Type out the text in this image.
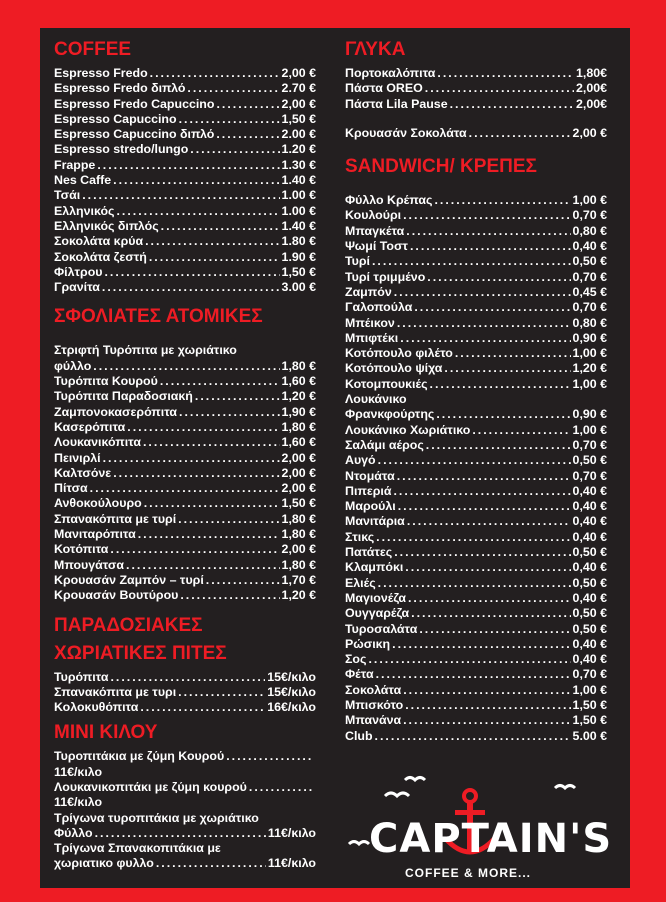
COFFEE
Espresso Fredo .....	2,00 €
Espresso Fredo διπλό .....	2.70 €
Espresso Fredo Capuccino .....	2,00 €
Espresso Capuccino .....	1,50 €
Espresso Capuccino διπλό .....	2.00 €
Espresso stredo/lungo .....	1.20 €
Frappe .....	1.30 €
Nes Caffe .....	1.40 €
Τσάι .....	1.00 €
Ελληνικός .....	1.00 €
Ελληνικός διπλός .....	1.40 €
Σοκολάτα κρύα .....	1.80 €
Σοκολάτα ζεστή .....	1.90 €
Φίλτρου .....	1,50 €
Γρανίτα .....	3.00 €
ΣΦΟΛΙΑΤΕΣ ΑΤΟΜΙΚΕΣ
Στριφτή Τυρόπιτα με χωριάτικο
φύλλο .....	1,80 €
Τυρόπιτα Κουρού .....	1,60 €
Τυρόπιτα Παραδοσιακή .....	1,20 €
Ζαμπονοκασερόπιτα .....	1,90 €
Κασερόπιτα .....	1,80 €
Λουκανικόπιτα .....	1,60 €
Πεινιρλί .....	2,00 €
Καλτσόνε .....	2,00 €
Πίτσα .....	2,00 €
Ανθοκούλουρο .....	1,50 €
Σπανακόπιτα με τυρί .....	1,80 €
Μανιταρόπιτα .....	1,80 €
Κοτόπιτα .....	2,00 €
Μπουγάτσα .....	1,80 €
Κρουασάν Ζαμπόν – τυρί .....	1,70 €
Κρουασάν Βουτύρου .....	1,20 €
ΠΑΡΑΔΟΣΙΑΚΕΣ
ΧΩΡΙΑΤΙΚΕΣ ΠΙΤΕΣ
Τυρόπιτα .....	15€/κιλο
Σπανακόπιτα με τυρι .....	15€/κιλο
Κολοκυθόπιτα .....	16€/κιλο
ΜΙΝΙ ΚΙΛΟΥ
Τυροπιτάκια με ζύμη Κουρού
.....
11€/κιλο
Λουκανικοπιτάκι με ζύμη κουρού
.....
11€/κιλο
Τρίγωνα τυροπιτάκια με χωριάτικο
Φύλλο .....	11€/κιλο
Τρίγωνα Σπανακοπιτάκια με
χωριατικο φυλλο .....	11€/κιλο
ΓΛΥΚΑ
Πορτοκαλόπιτα .....	1,80€
Πάστα OREO .....	2,00€
Πάστα Lila Pause .....	2,00€
Κρουασάν Σοκολάτα .....	2,00 €
SANDWICH/ ΚΡΕΠΕΣ
Φύλλο Κρέπας .....	1,00 €
Κουλούρι .....	0,70 €
Μπαγκέτα .....	0,80 €
Ψωμί Τοστ .....	0,40 €
Τυρί .....	0,50 €
Τυρί τριμμένο .....	0,70 €
Ζαμπόν .....	0,45 €
Γαλοπούλα .....	0,70 €
Μπέικον .....	0,80 €
Μπιφτέκι .....	0,90 €
Κοτόπουλο φιλέτο .....	1,00 €
Κοτόπουλο ψίχα .....	1,20 €
Κοτομπουκιές .....	1,00 €
Λουκάνικο
Φρανκφούρτης .....	0,90 €
Λουκάνικο Χωριάτικο .....	1,00 €
Σαλάμι αέρος .....	0,70 €
Αυγό .....	0,50 €
Ντομάτα .....	0,70 €
Πιπεριά .....	0,40 €
Μαρούλι .....	0,40 €
Μανιτάρια .....	0,40 €
Στικς .....	0,40 €
Πατάτες .....	0,50 €
Κλαμπόκι .....	0,40 €
Ελιές .....	0,50 €
Μαγιονέζα .....	0,40 €
Ουγγαρέζα .....	0,50 €
Τυροσαλάτα .....	0,50 €
Ρώσικη .....	0,40 €
Σος .....	0,40 €
Φέτα .....	0,70 €
Σοκολάτα .....	1,00 €
Μπισκότο .....	1,50 €
Μπανάνα .....	1,50 €
Club .....	5.00 €
CAPTAIN'S
COFFEE & MORE...
